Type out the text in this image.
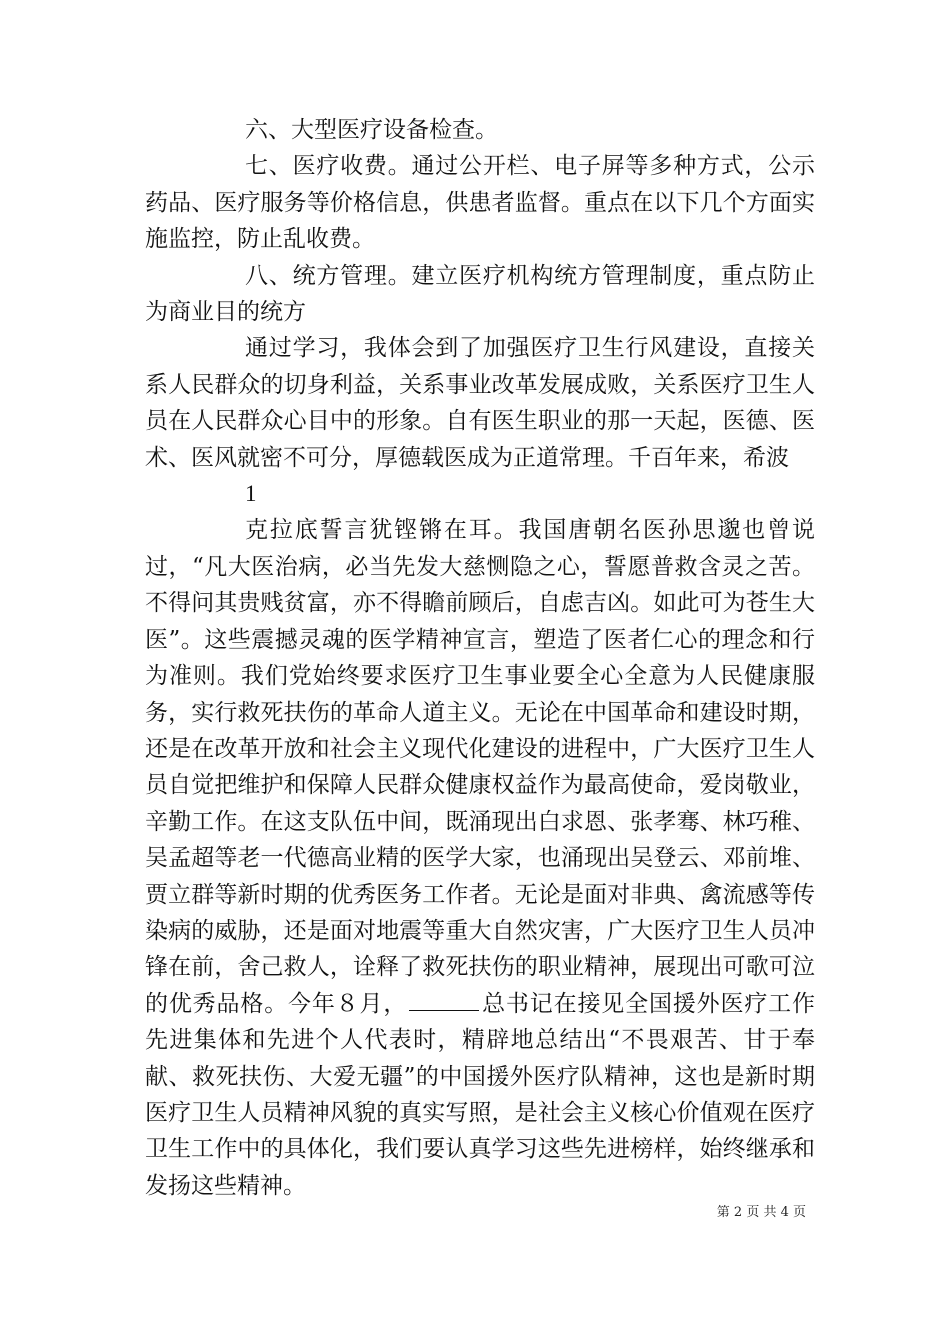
六、大型医疗设备检查。

七、医疗收费。通过公开栏、电子屏等多种方式，公示药品、医疗服务等价格信息，供患者监督。重点在以下几个方面实施监控，防止乱收费。

八、统方管理。建立医疗机构统方管理制度，重点防止为商业目的统方

通过学习，我体会到了加强医疗卫生行风建设，直接关系人民群众的切身利益，关系事业改革发展成败，关系医疗卫生人员在人民群众心目中的形象。自有医生职业的那一天起，医德、医术、医风就密不可分，厚德载医成为正道常理。千百年来，希波

1

克拉底誓言犹铿锵在耳。我国唐朝名医孙思邈也曾说过，“凡大医治病，必当先发大慈恻隐之心，誓愿普救含灵之苦。不得问其贵贱贫富，亦不得瞻前顾后，自虑吉凶。如此可为苍生大医”。这些震撼灵魂的医学精神宣言，塑造了医者仁心的理念和行为准则。我们党始终要求医疗卫生事业要全心全意为人民健康服务，实行救死扶伤的革命人道主义。无论在中国革命和建设时期，还是在改革开放和社会主义现代化建设的进程中，广大医疗卫生人员自觉把维护和保障人民群众健康权益作为最高使命，爱岗敬业，辛勤工作。在这支队伍中间，既涌现出白求恩、张孝骞、林巧稚、吴孟超等老一代德高业精的医学大家，也涌现出吴登云、邓前堆、贾立群等新时期的优秀医务工作者。无论是面对非典、禽流感等传染病的威胁，还是面对地震等重大自然灾害，广大医疗卫生人员冲锋在前，舍己救人，诠释了救死扶伤的职业精神，展现出可歌可泣的优秀品格。今年８月，	总书记在接见全国援外医疗工作先进集体和先进个人代表时，精辟地总结出“不畏艰苦、甘于奉献、救死扶伤、大爱无疆”的中国援外医疗队精神，这也是新时期医疗卫生人员精神风貌的真实写照，是社会主义核心价值观在医疗卫生工作中的具体化，我们要认真学习这些先进榜样，始终继承和发扬这些精神。

第 2 页 共 4 页
